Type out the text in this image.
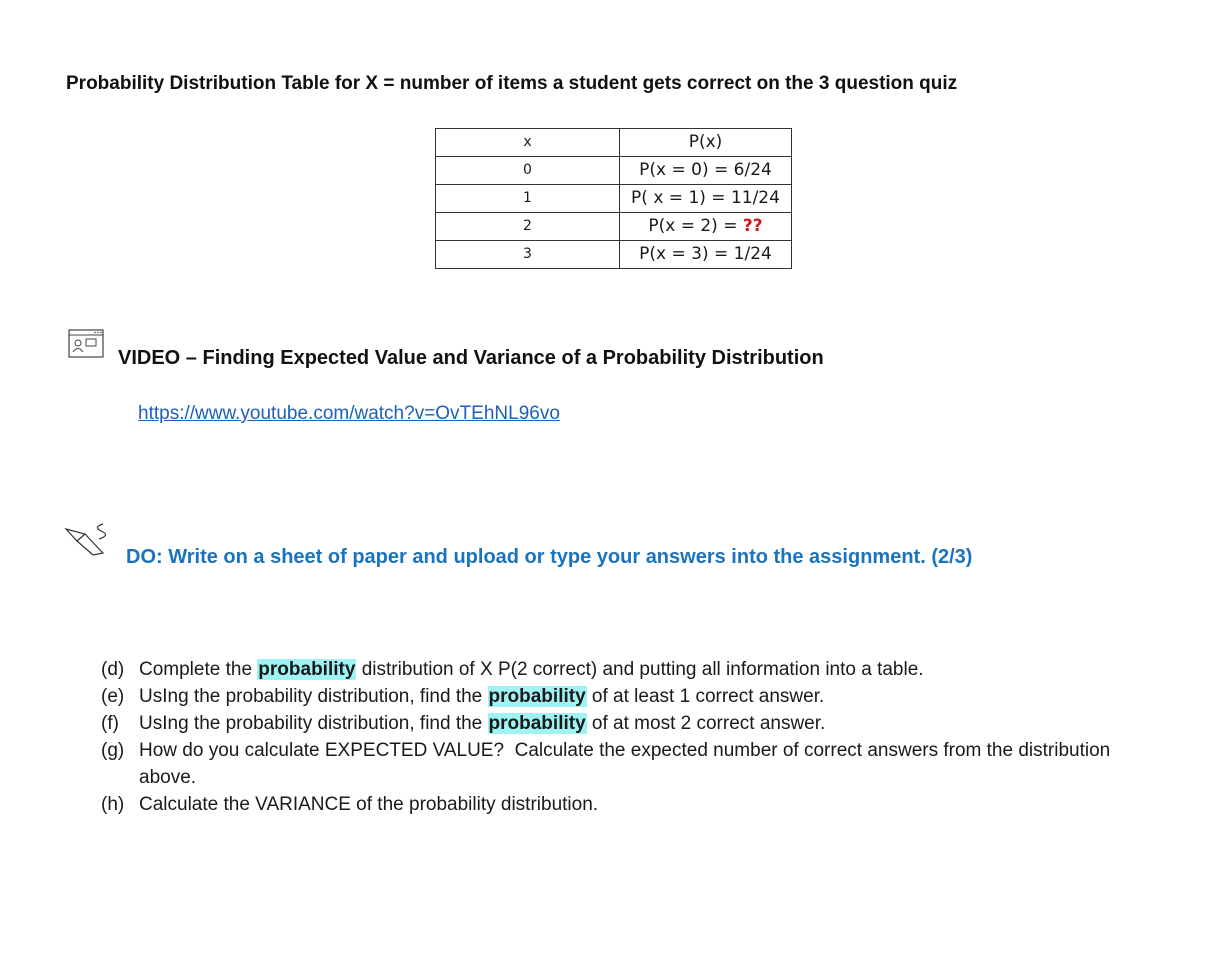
Probability Distribution Table for X = number of items a student gets correct on the 3 question quiz
x	P(x)
0	P(x = 0) = 6/24
1	P( x = 1) = 11/24
2	P(x = 2) = ??
3	P(x = 3) = 1/24
VIDEO – Finding Expected Value and Variance of a Probability Distribution
https://www.youtube.com/watch?v=OvTEhNL96vo
DO: Write on a sheet of paper and upload or type your answers into the assignment. (2/3)
(d) Complete the probability distribution of X P(2 correct) and putting all information into a table.
(e) UsIng the probability distribution, find the probability of at least 1 correct answer.
(f)	UsIng the probability distribution, find the probability of at most 2 correct answer.
(g) How do you calculate EXPECTED VALUE?  Calculate the expected number of correct answers from the distribution above.
(h) Calculate the VARIANCE of the probability distribution.
